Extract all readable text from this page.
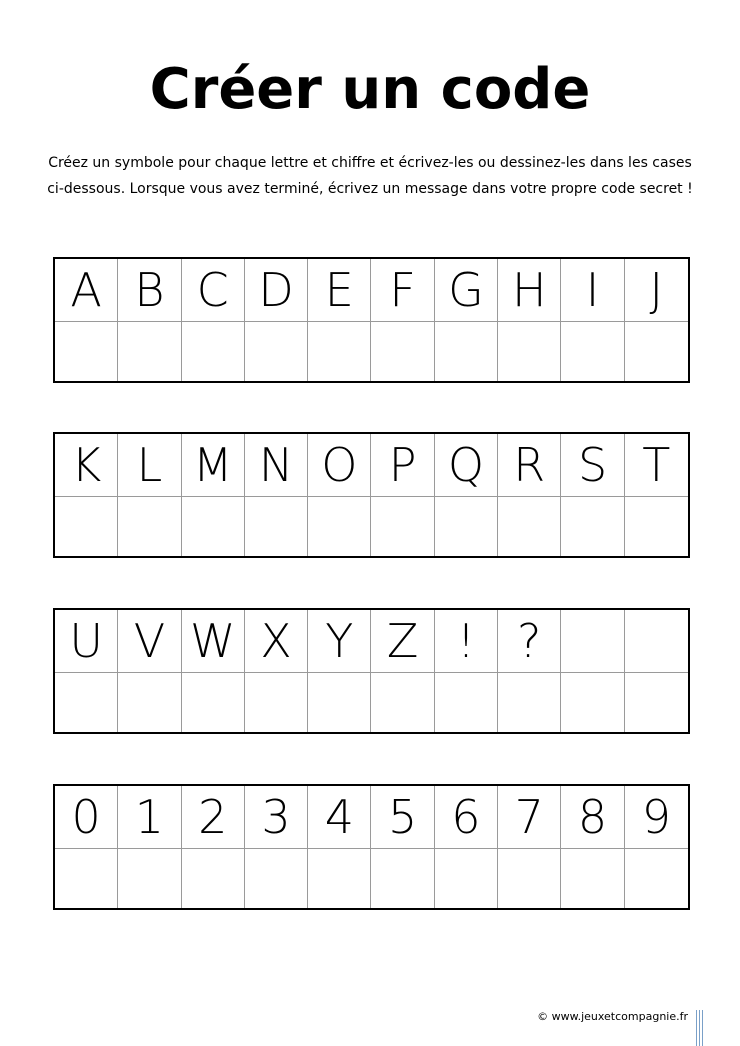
Créer un code
Créez un symbole pour chaque lettre et chiffre et écrivez-les ou dessinez-les dans les cases
ci-dessous. Lorsque vous avez terminé, écrivez un message dans votre propre code secret !
A B C D E F G H I	J
K L M N O P Q R S T
U V W X Y Z ! ?
0 1 2 3 4 5 6 7 8 9
© www.jeuxetcompagnie.fr
